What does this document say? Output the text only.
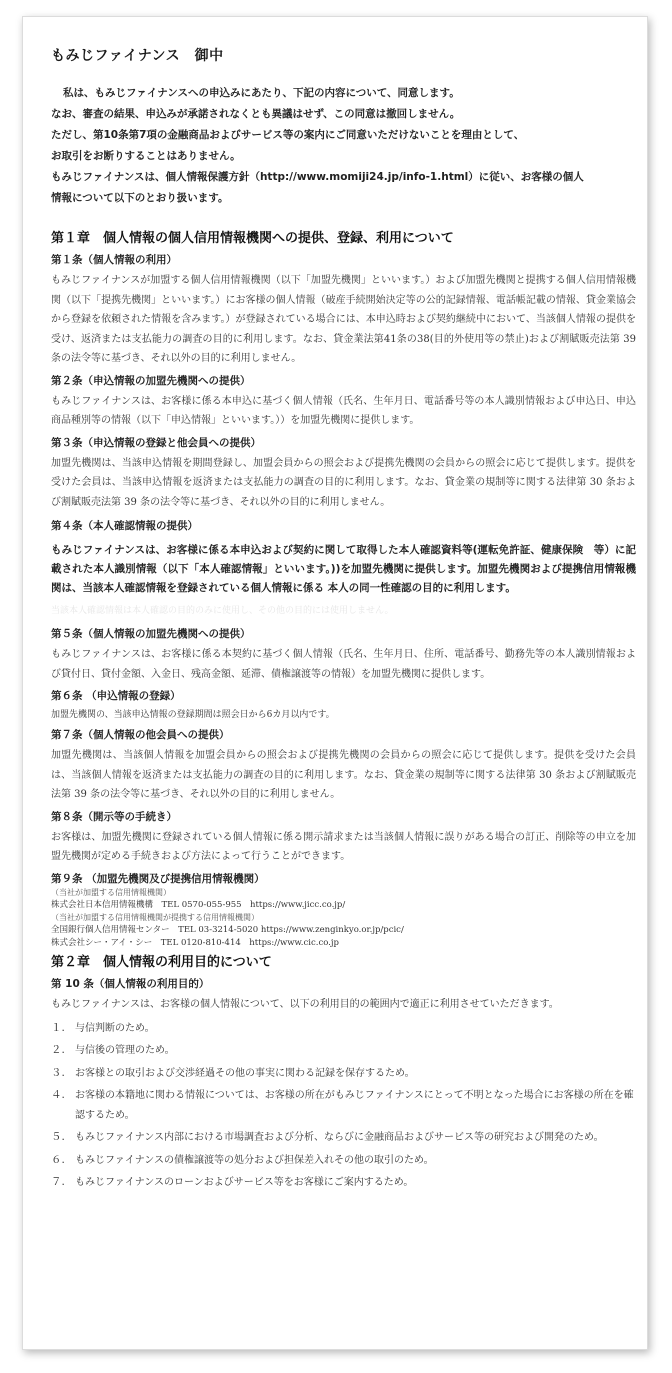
もみじファイナンス　御中

私は、もみじファイナンスへの申込みにあたり、下記の内容について、同意します。

なお、審査の結果、申込みが承諾されなくとも異議はせず、この同意は撤回しません。

ただし、第10条第7項の金融商品およびサービス等の案内にご同意いただけないことを理由として、

お取引をお断りすることはありません。

もみじファイナンスは、個人情報保護方針（http://www.momiji24.jp/info-1.html）に従い、お客様の個人

情報について以下のとおり扱います。

第１章　個人情報の個人信用情報機関への提供、登録、利用について
第１条（個人情報の利用）
もみじファイナンスが加盟する個人信用情報機関（以下「加盟先機関」といいます。）および加盟先機関と提携する個人信用情報機関（以下「提携先機関」といいます。）にお客様の個人情報（破産手続開始決定等の公的記録情報、電話帳記載の情報、貸金業協会から登録を依頼された情報を含みます。）が登録されている場合には、本申込時および契約継続中において、当該個人情報の提供を受け、返済または支払能力の調査の目的に利用します。なお、貸金業法第41条の38(目的外使用等の禁止)および割賦販売法第 39 条の法令等に基づき、それ以外の目的に利用しません。
第２条（申込情報の加盟先機関への提供）
もみじファイナンスは、お客様に係る本申込に基づく個人情報（氏名、生年月日、電話番号等の本人識別情報および申込日、申込商品種別等の情報（以下「申込情報」といいます。））を加盟先機関に提供します。
第３条（申込情報の登録と他会員への提供）
加盟先機関は、当該申込情報を期間登録し、加盟会員からの照会および提携先機関の会員からの照会に応じて提供します。提供を受けた会員は、当該申込情報を返済または支払能力の調査の目的に利用します。なお、貸金業の規制等に関する法律第 30 条および割賦販売法第 39 条の法令等に基づき、それ以外の目的に利用しません。
第４条（本人確認情報の提供）
もみじファイナンスは、お客様に係る本申込および契約に関して取得した本人確認資料等(運転免許証、健康保険　等）に記載された本人識別情報（以下「本人確認情報」といいます。))を加盟先機関に提供します。加盟先機関および提携信用情報機関は、当該本人確認情報を登録されている個人情報に係る 本人の同一性確認の目的に利用します。
当該本人確認情報は本人確認の目的のみに使用し、その他の目的には使用しません。
第５条（個人情報の加盟先機関への提供）
もみじファイナンスは、お客様に係る本契約に基づく個人情報（氏名、生年月日、住所、電話番号、勤務先等の本人識別情報および貸付日、貸付金額、入金日、残高金額、延滞、債権譲渡等の情報）を加盟先機関に提供します。
第６条 （申込情報の登録）
加盟先機関の、当該申込情報の登録期間は照会日から6カ月以内です。
第７条（個人情報の他会員への提供）
加盟先機関は、当該個人情報を加盟会員からの照会および提携先機関の会員からの照会に応じて提供します。提供を受けた会員は、当該個人情報を返済または支払能力の調査の目的に利用します。なお、貸金業の規制等に関する法律第 30 条および割賦販売法第 39 条の法令等に基づき、それ以外の目的に利用しません。
第８条（開示等の手続き）
お客様は、加盟先機関に登録されている個人情報に係る開示請求または当該個人情報に誤りがある場合の訂正、削除等の申立を加盟先機関が定める手続きおよび方法によって行うことができます。
第９条 （加盟先機関及び提携信用情報機関）
（当社が加盟する信用情報機関）
株式会社日本信用情報機構　TEL 0570-055-955　https://www.jicc.co.jp/
（当社が加盟する信用情報機関が提携する信用情報機関）
全国銀行個人信用情報センター　TEL 03-3214-5020 https://www.zenginkyo.or.jp/pcic/
株式会社シー・アイ・シー　TEL 0120-810-414　https://www.cic.co.jp
第２章　個人情報の利用目的について
第 10 条（個人情報の利用目的）
もみじファイナンスは、お客様の個人情報について、以下の利用目的の範囲内で適正に利用させていただきます。
１.	与信判断のため。
２.	与信後の管理のため。
３.	お客様との取引および交渉経過その他の事実に関わる記録を保存するため。
４.	お客様の本籍地に関わる情報については、お客様の所在がもみじファイナンスにとって不明となった場合にお客様の所在を確認するため。
５.	もみじファイナンス内部における市場調査および分析、ならびに金融商品およびサービス等の研究および開発のため。
６.	もみじファイナンスの債権譲渡等の処分および担保差入れその他の取引のため。
７.	もみじファイナンスのローンおよびサービス等をお客様にご案内するため。
